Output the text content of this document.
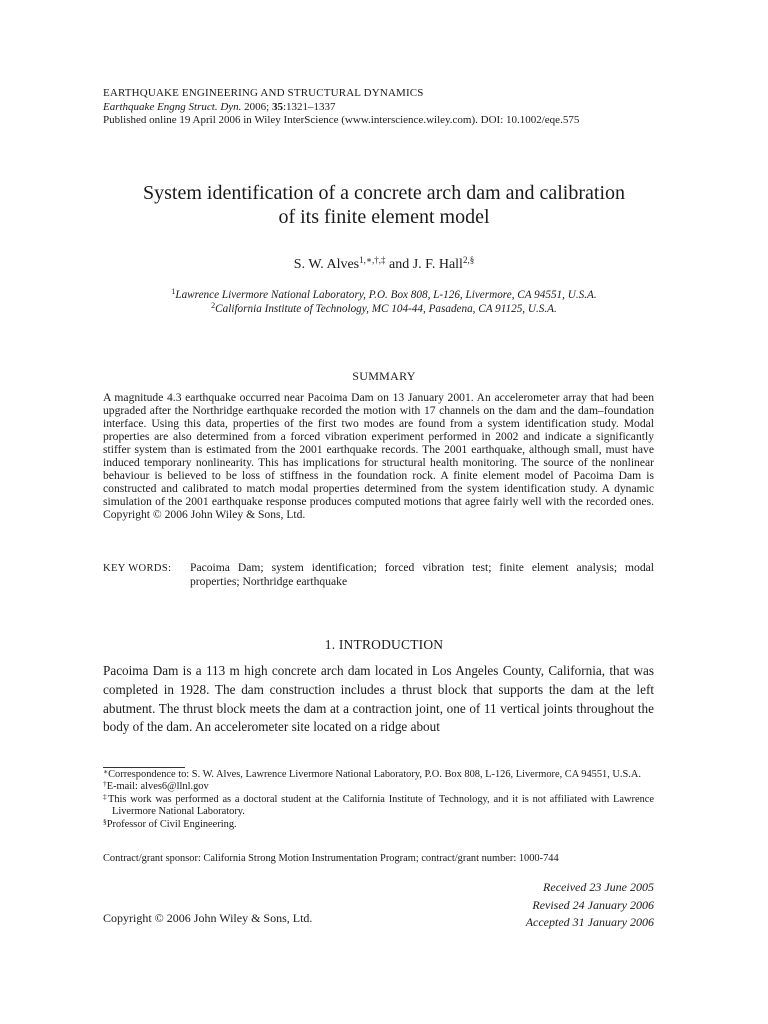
EARTHQUAKE ENGINEERING AND STRUCTURAL DYNAMICS
Earthquake Engng Struct. Dyn. 2006; 35:1321–1337
Published online 19 April 2006 in Wiley InterScience (www.interscience.wiley.com). DOI: 10.1002/eqe.575
System identification of a concrete arch dam and calibration
of its finite element model
S. W. Alves$^{1,∗,\dagger,\ddagger}$ and J. F. Hall$^{2,\S}$
$^1$Lawrence Livermore National Laboratory, P.O. Box 808, L-126, Livermore, CA 94551, U.S.A.
$^2$California Institute of Technology, MC 104-44, Pasadena, CA 91125, U.S.A.
SUMMARY

A magnitude 4.3 earthquake occurred near Pacoima Dam on 13 January 2001. An accelerometer array that had been upgraded after the Northridge earthquake recorded the motion with 17 channels on the dam and the dam–foundation interface. Using this data, properties of the first two modes are found from a system identification study. Modal properties are also determined from a forced vibration experiment performed in 2002 and indicate a significantly stiffer system than is estimated from the 2001 earthquake records. The 2001 earthquake, although small, must have induced temporary nonlinearity. This has implications for structural health monitoring. The source of the nonlinear behaviour is believed to be loss of stiffness in the foundation rock. A finite element model of Pacoima Dam is constructed and calibrated to match modal properties determined from the system identification study. A dynamic simulation of the 2001 earthquake response produces computed motions that agree fairly well with the recorded ones. Copyright © 2006 John Wiley & Sons, Ltd.

KEY WORDS: Pacoima Dam; system identification; forced vibration test; finite element analysis; modal properties; Northridge earthquake

1. INTRODUCTION

Pacoima Dam is a 113 m high concrete arch dam located in Los Angeles County, California, that was completed in 1928. The dam construction includes a thrust block that supports the dam at the left abutment. The thrust block meets the dam at a contraction joint, one of 11 vertical joints throughout the body of the dam. An accelerometer site located on a ridge about

∗Correspondence to: S. W. Alves, Lawrence Livermore National Laboratory, P.O. Box 808, L-126, Livermore, CA 94551, U.S.A.
†E-mail: alves6@llnl.gov
‡This work was performed as a doctoral student at the California Institute of Technology, and it is not affiliated with Lawrence Livermore National Laboratory.
§Professor of Civil Engineering.
Contract/grant sponsor: California Strong Motion Instrumentation Program; contract/grant number: 1000-744
Received 23 June 2005
Revised 24 January 2006
Accepted 31 January 2006
Copyright © 2006 John Wiley & Sons, Ltd.
